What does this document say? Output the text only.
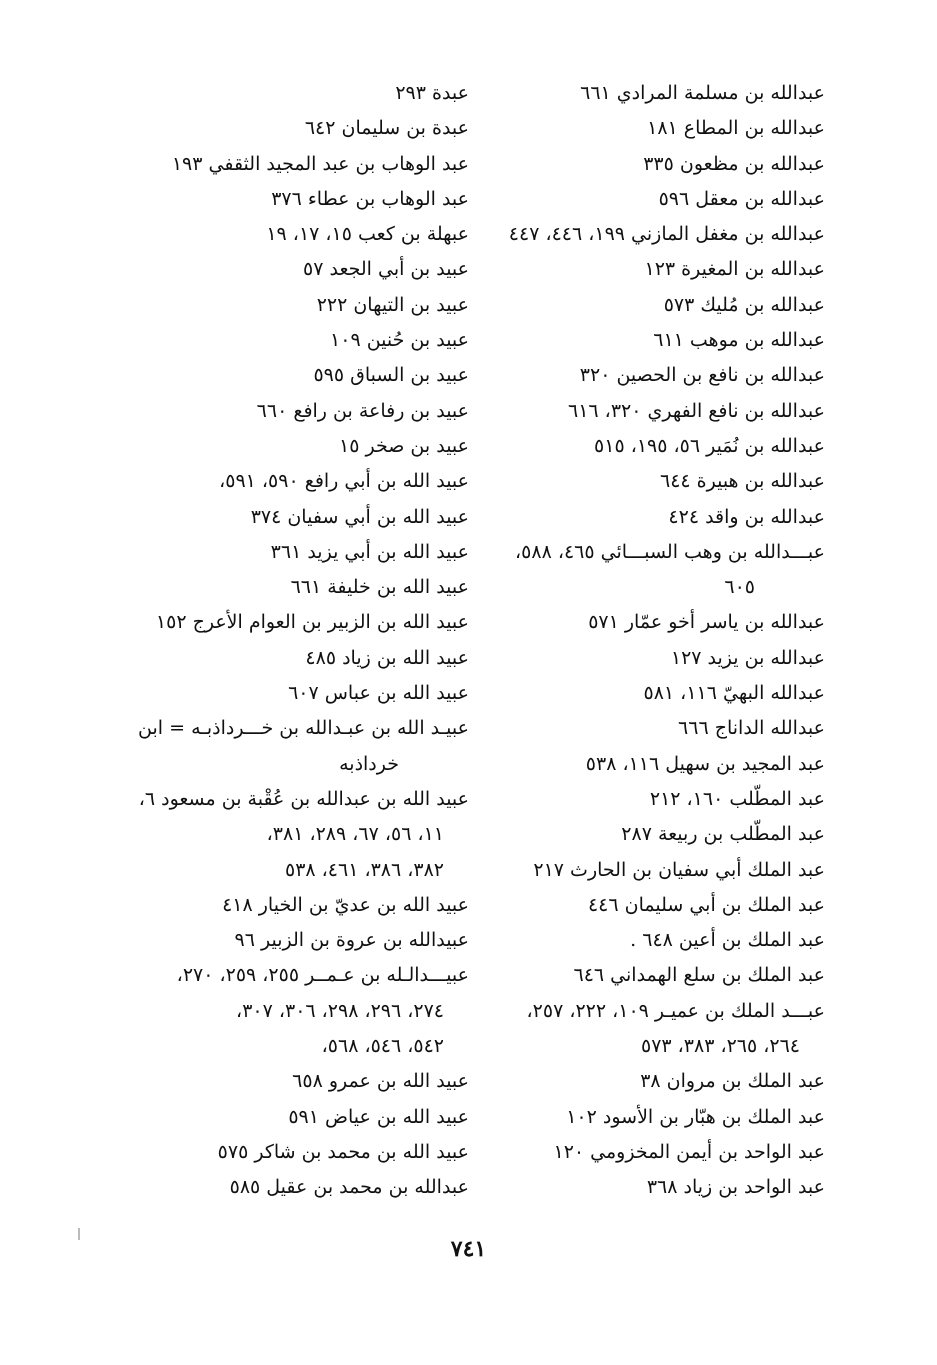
عبدالله بن مسلمة المرادي ٦٦١
عبدالله بن المطاع ١٨١
عبدالله بن مظعون ٣٣٥
عبدالله بن معقل ٥٩٦
عبدالله بن مغفل المازني ١٩٩، ٤٤٦، ٤٤٧
عبدالله بن المغيرة ١٢٣
عبدالله بن مُليك ٥٧٣
عبدالله بن موهب ٦١١
عبدالله بن نافع بن الحصين ٣٢٠
عبدالله بن نافع الفهري ٣٢٠، ٦١٦
عبدالله بن نُمَير ٥٦، ١٩٥، ٥١٥
عبدالله بن هبيرة ٦٤٤
عبدالله بن واقد ٤٢٤
عبـــدالله بن وهب السبـــائي ٤٦٥، ٥٨٨،
٦٠٥
عبدالله بن ياسر أخو عمّار ٥٧١
عبدالله بن يزيد ١٢٧
عبدالله البهيّ ١١٦، ٥٨١
عبدالله الداناج ٦٦٦
عبد المجيد بن سهيل ١١٦، ٥٣٨
عبد المطّلب ١٦٠، ٢١٢
عبد المطّلب بن ربيعة ٢٨٧
عبد الملك أبي سفيان بن الحارث ٢١٧
عبد الملك بن أبي سليمان ٤٤٦
عبد الملك بن أعين ٦٤٨ .
عبد الملك بن سلع الهمداني ٦٤٦
عبـــد الملك بن عميـر ١٠٩، ٢٢٢، ٢٥٧،
٢٦٤، ٢٦٥، ٣٨٣، ٥٧٣
عبد الملك بن مروان ٣٨
عبد الملك بن هبّار بن الأسود ١٠٢
عبد الواحد بن أيمن المخزومي ١٢٠
عبد الواحد بن زياد ٣٦٨
عبدة ٢٩٣
عبدة بن سليمان ٦٤٢
عبد الوهاب بن عبد المجيد الثقفي ١٩٣
عبد الوهاب بن عطاء ٣٧٦
عبهلة بن كعب ١٥، ١٧، ١٩
عبيد بن أبي الجعد ٥٧
عبيد بن التيهان ٢٢٢
عبيد بن حُنين ١٠٩
عبيد بن السباق ٥٩٥
عبيد بن رفاعة بن رافع ٦٦٠
عبيد بن صخر ١٥
عبيد الله بن أبي رافع ٥٩٠، ٥٩١،
عبيد الله بن أبي سفيان ٣٧٤
عبيد الله بن أبي يزيد ٣٦١
عبيد الله بن خليفة ٦٦١
عبيد الله بن الزبير بن العوام الأعرج ١٥٢
عبيد الله بن زياد ٤٨٥
عبيد الله بن عباس ٦٠٧
عبيـد الله بن عبـدالله بن خـــرداذبـه = ابن
خرداذبه
عبيد الله بن عبدالله بن عُقْبة بن مسعود ٦،
١١، ٥٦، ٦٧، ٢٨٩، ٣٨١،
٣٨٢، ٣٨٦، ٤٦١، ٥٣٨
عبيد الله بن عديّ بن الخيار ٤١٨
عبيدالله بن عروة بن الزبير ٩٦
عبيـــدالـله بن عـمــر ٢٥٥، ٢٥٩، ٢٧٠،
٢٧٤، ٢٩٦، ٢٩٨، ٣٠٦، ٣٠٧،
٥٤٢، ٥٤٦، ٥٦٨،
عبيد الله بن عمرو ٦٥٨
عبيد الله بن عياض ٥٩١
عبيد الله بن محمد بن شاكر ٥٧٥
عبدالله بن محمد بن عقيل ٥٨٥
٧٤١
